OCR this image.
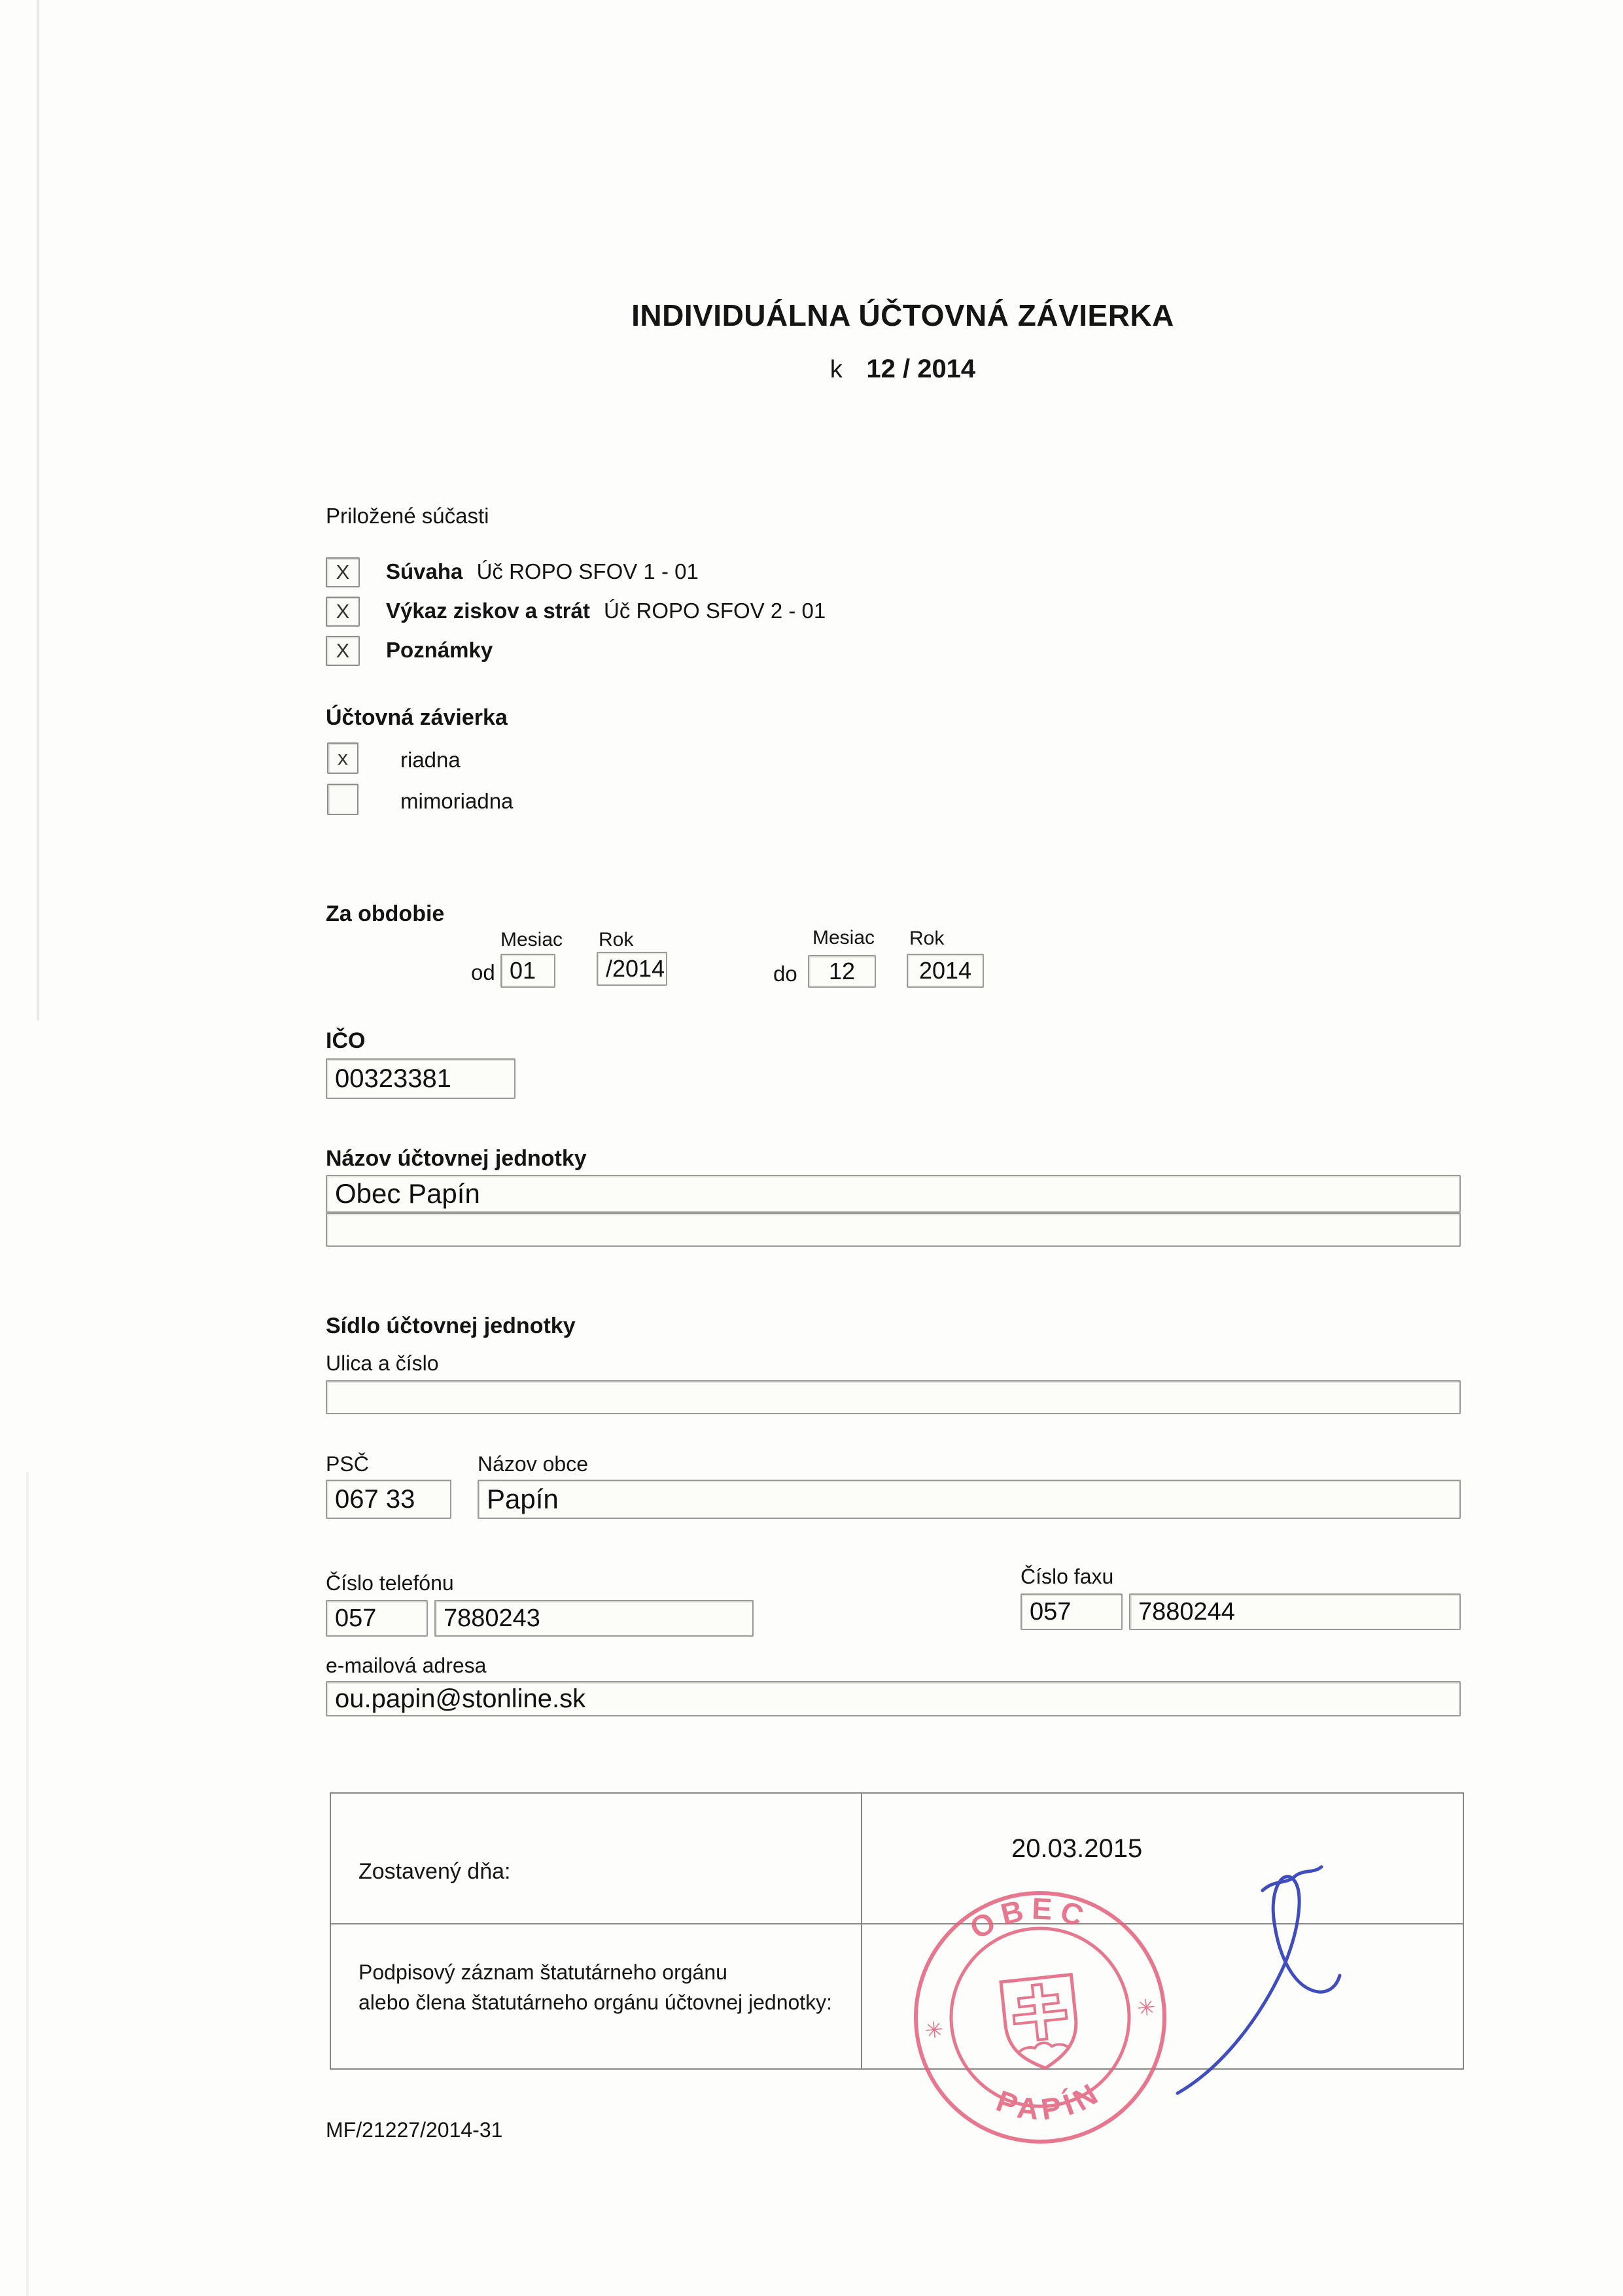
INDIVIDUÁLNA ÚČTOVNÁ ZÁVIERKA
k 12 / 2014
Priložené súčasti
X Súvaha Úč ROPO SFOV 1 - 01
X Výkaz ziskov a strát Úč ROPO SFOV 2 - 01
X Poznámky
Účtovná závierka
x riadna
mimoriadna
Za obdobie
Mesiac Rok	Mesiac Rok
od 01	/2014	do 12	2014
IČO
00323381
Názov účtovnej jednotky
Obec Papín
Sídlo účtovnej jednotky
Ulica a číslo
PSČ	Názov obce
067 33	Papín
Číslo telefónu	Číslo faxu
057	7880243	057	7880244
e-mailová adresa
ou.papin@stonline.sk
Zostavený dňa:
20.03.2015
Podpisový záznam štatutárneho orgánu
alebo člena štatutárneho orgánu účtovnej jednotky:
OBEC
PAPÍN
✳
✳
MF/21227/2014-31
